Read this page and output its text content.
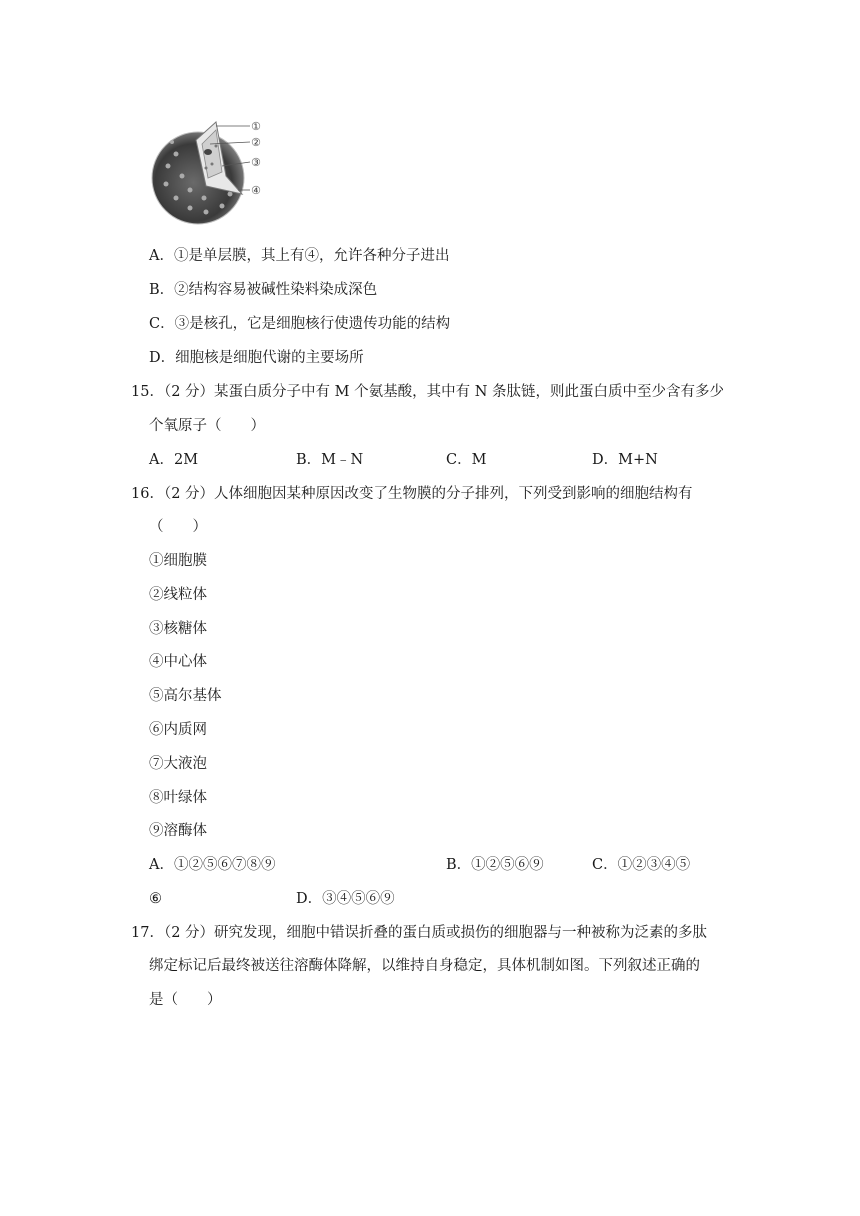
①
②
③
④
A．①是单层膜，其上有④，允许各种分子进出
B．②结构容易被碱性染料染成深色
C．③是核孔，它是细胞核行使遗传功能的结构
D．细胞核是细胞代谢的主要场所
15．（2 分）某蛋白质分子中有 M 个氨基酸，其中有 N 条肽链，则此蛋白质中至少含有多少
个氧原子（　　）
A．2M	B．M﹣N	C．M	D．M+N
16．（2 分）人体细胞因某种原因改变了生物膜的分子排列，下列受到影响的细胞结构有
（　　）
①细胞膜
②线粒体
③核糖体
④中心体
⑤高尔基体
⑥内质网
⑦大液泡
⑧叶绿体
⑨溶酶体
A．①②⑤⑥⑦⑧⑨	B．①②⑤⑥⑨	C．①②③④⑤
⑥	D．③④⑤⑥⑨
17．（2 分）研究发现，细胞中错误折叠的蛋白质或损伤的细胞器与一种被称为泛素的多肽
绑定标记后最终被送往溶酶体降解，以维持自身稳定，具体机制如图。下列叙述正确的
是（　　）
